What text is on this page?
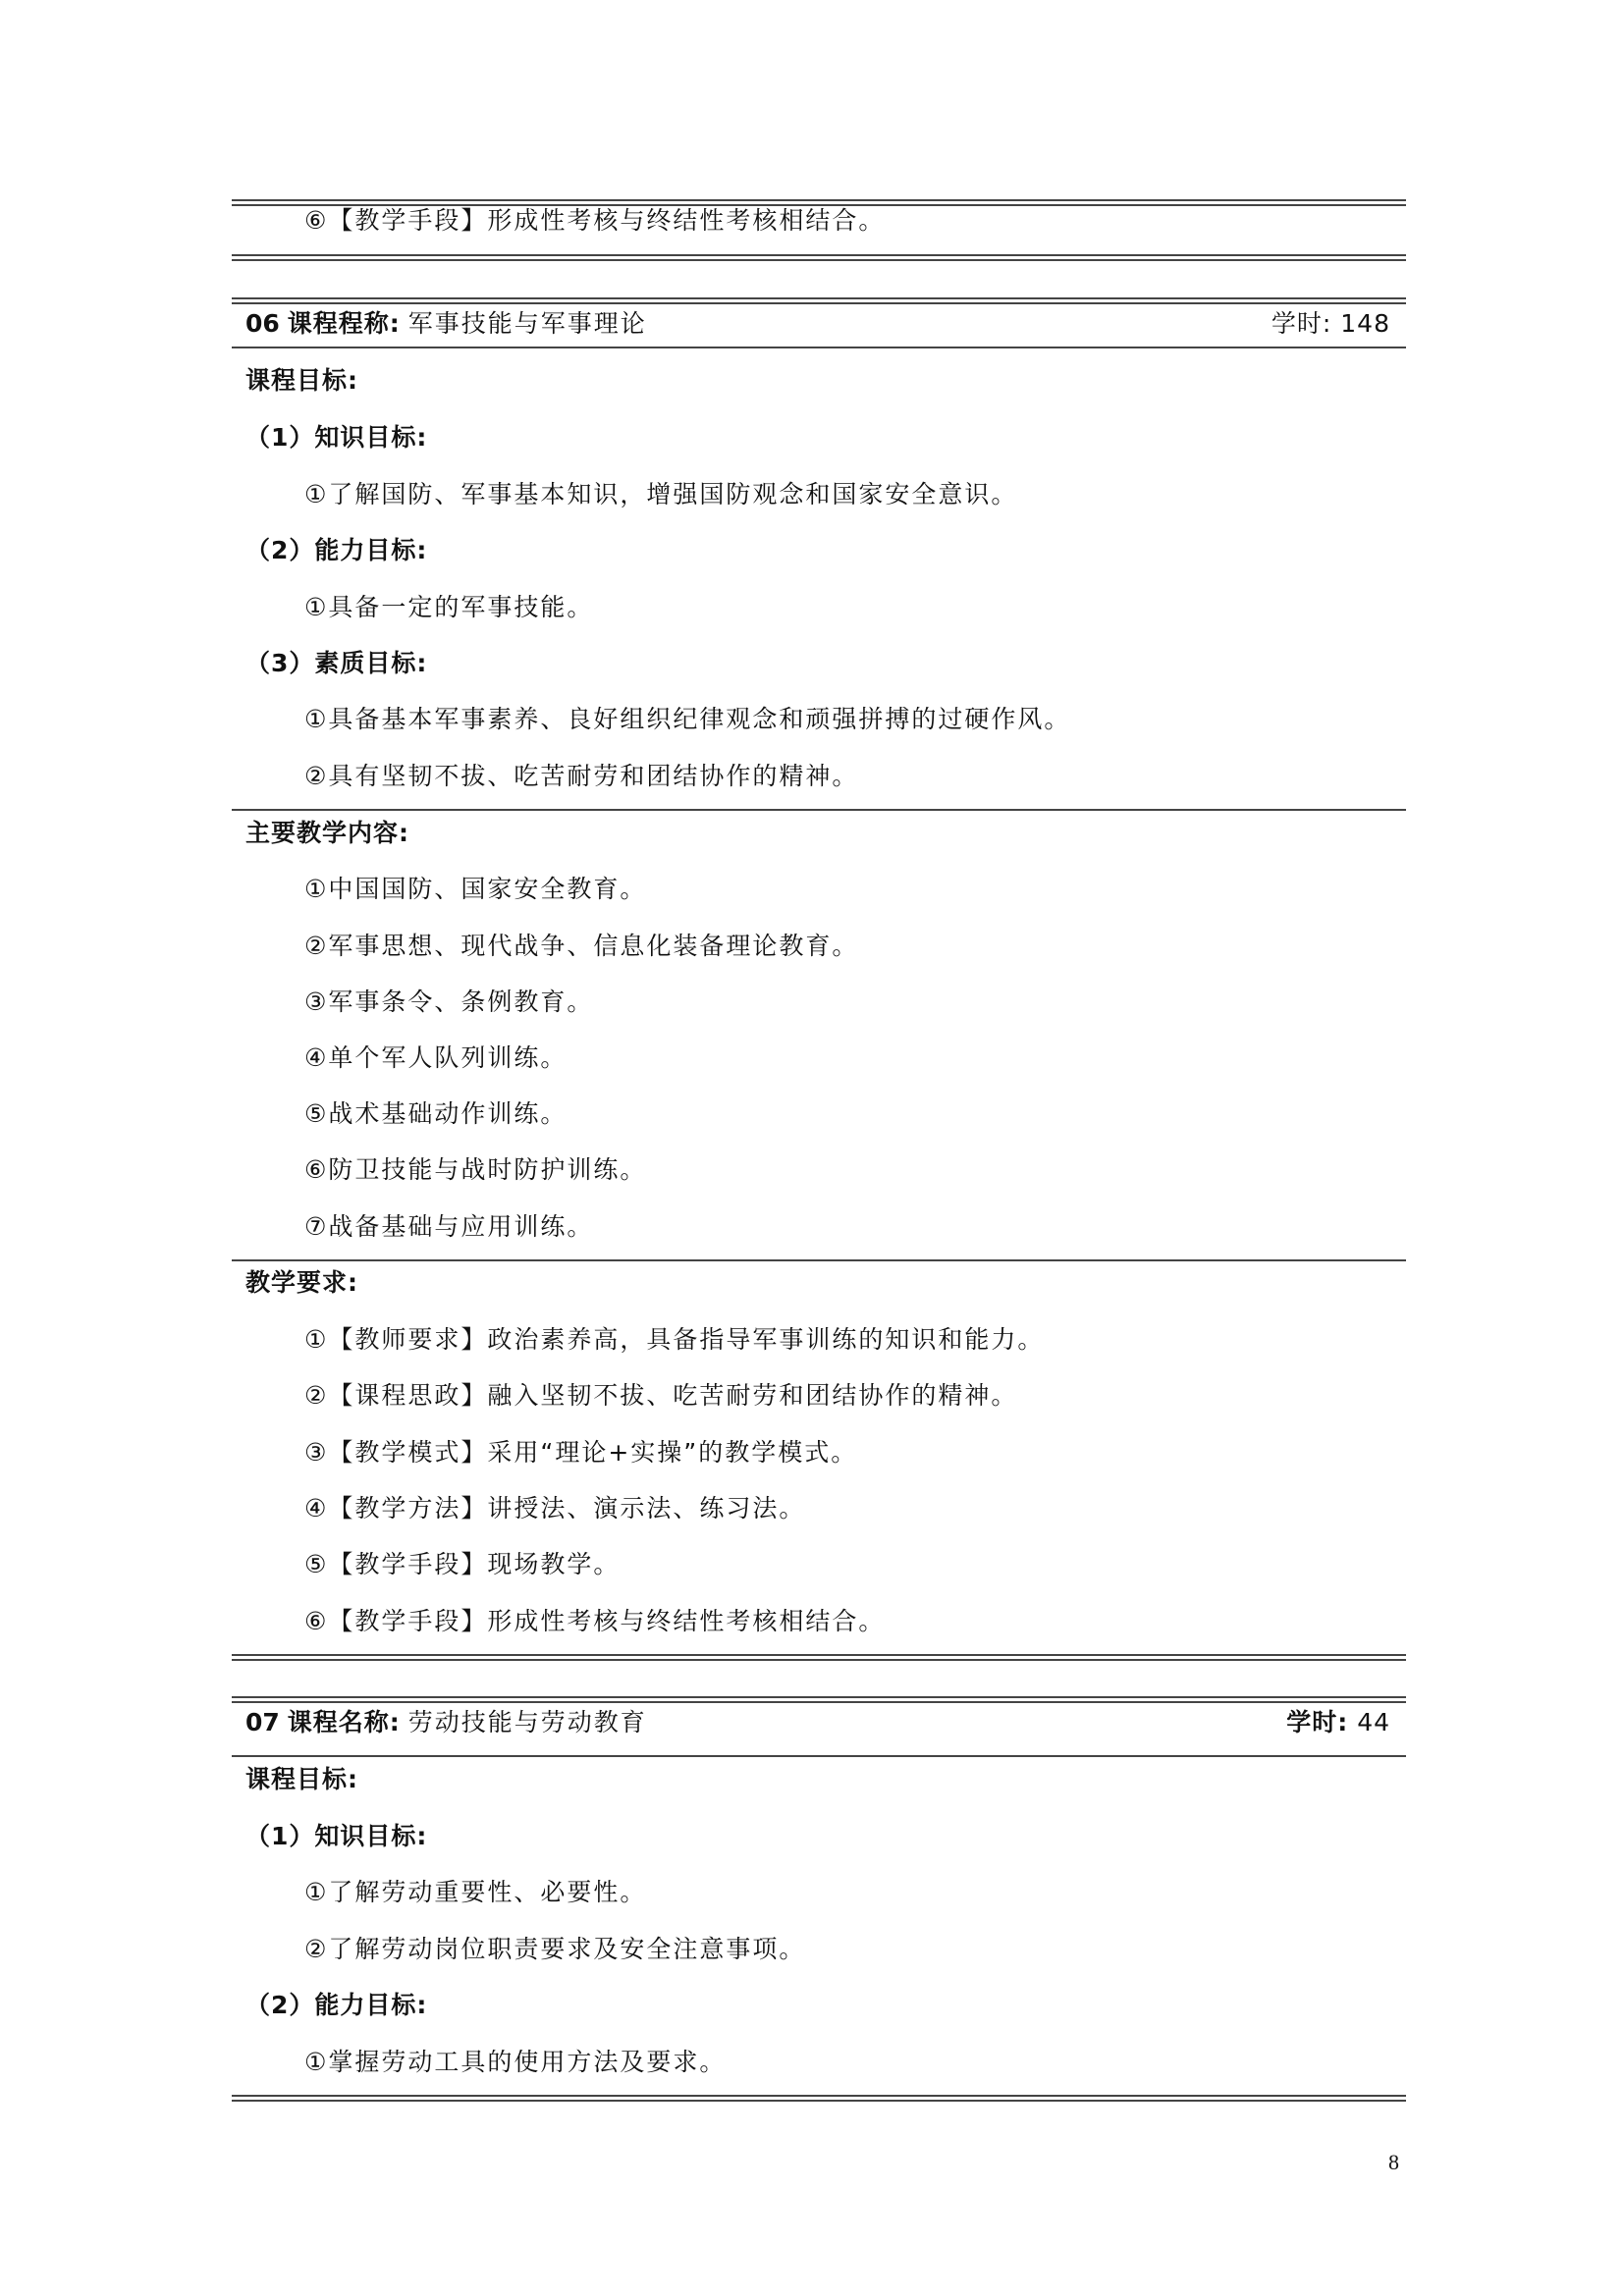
⑥【教学手段】形成性考核与终结性考核相结合。
06 课程程称: 军事技能与军事理论	学时: 148
课程目标:
（1）知识目标:
①了解国防、军事基本知识，增强国防观念和国家安全意识。
（2）能力目标:
①具备一定的军事技能。
（3）素质目标:
①具备基本军事素养、良好组织纪律观念和顽强拼搏的过硬作风。
②具有坚韧不拔、吃苦耐劳和团结协作的精神。
主要教学内容:
①中国国防、国家安全教育。
②军事思想、现代战争、信息化装备理论教育。
③军事条令、条例教育。
④单个军人队列训练。
⑤战术基础动作训练。
⑥防卫技能与战时防护训练。
⑦战备基础与应用训练。
教学要求:
①【教师要求】政治素养高，具备指导军事训练的知识和能力。
②【课程思政】融入坚韧不拔、吃苦耐劳和团结协作的精神。
③【教学模式】采用“理论+实操”的教学模式。
④【教学方法】讲授法、演示法、练习法。
⑤【教学手段】现场教学。
⑥【教学手段】形成性考核与终结性考核相结合。
07 课程名称: 劳动技能与劳动教育	学时: 44
课程目标:
（1）知识目标:
①了解劳动重要性、必要性。
②了解劳动岗位职责要求及安全注意事项。
（2）能力目标:
①掌握劳动工具的使用方法及要求。
8
